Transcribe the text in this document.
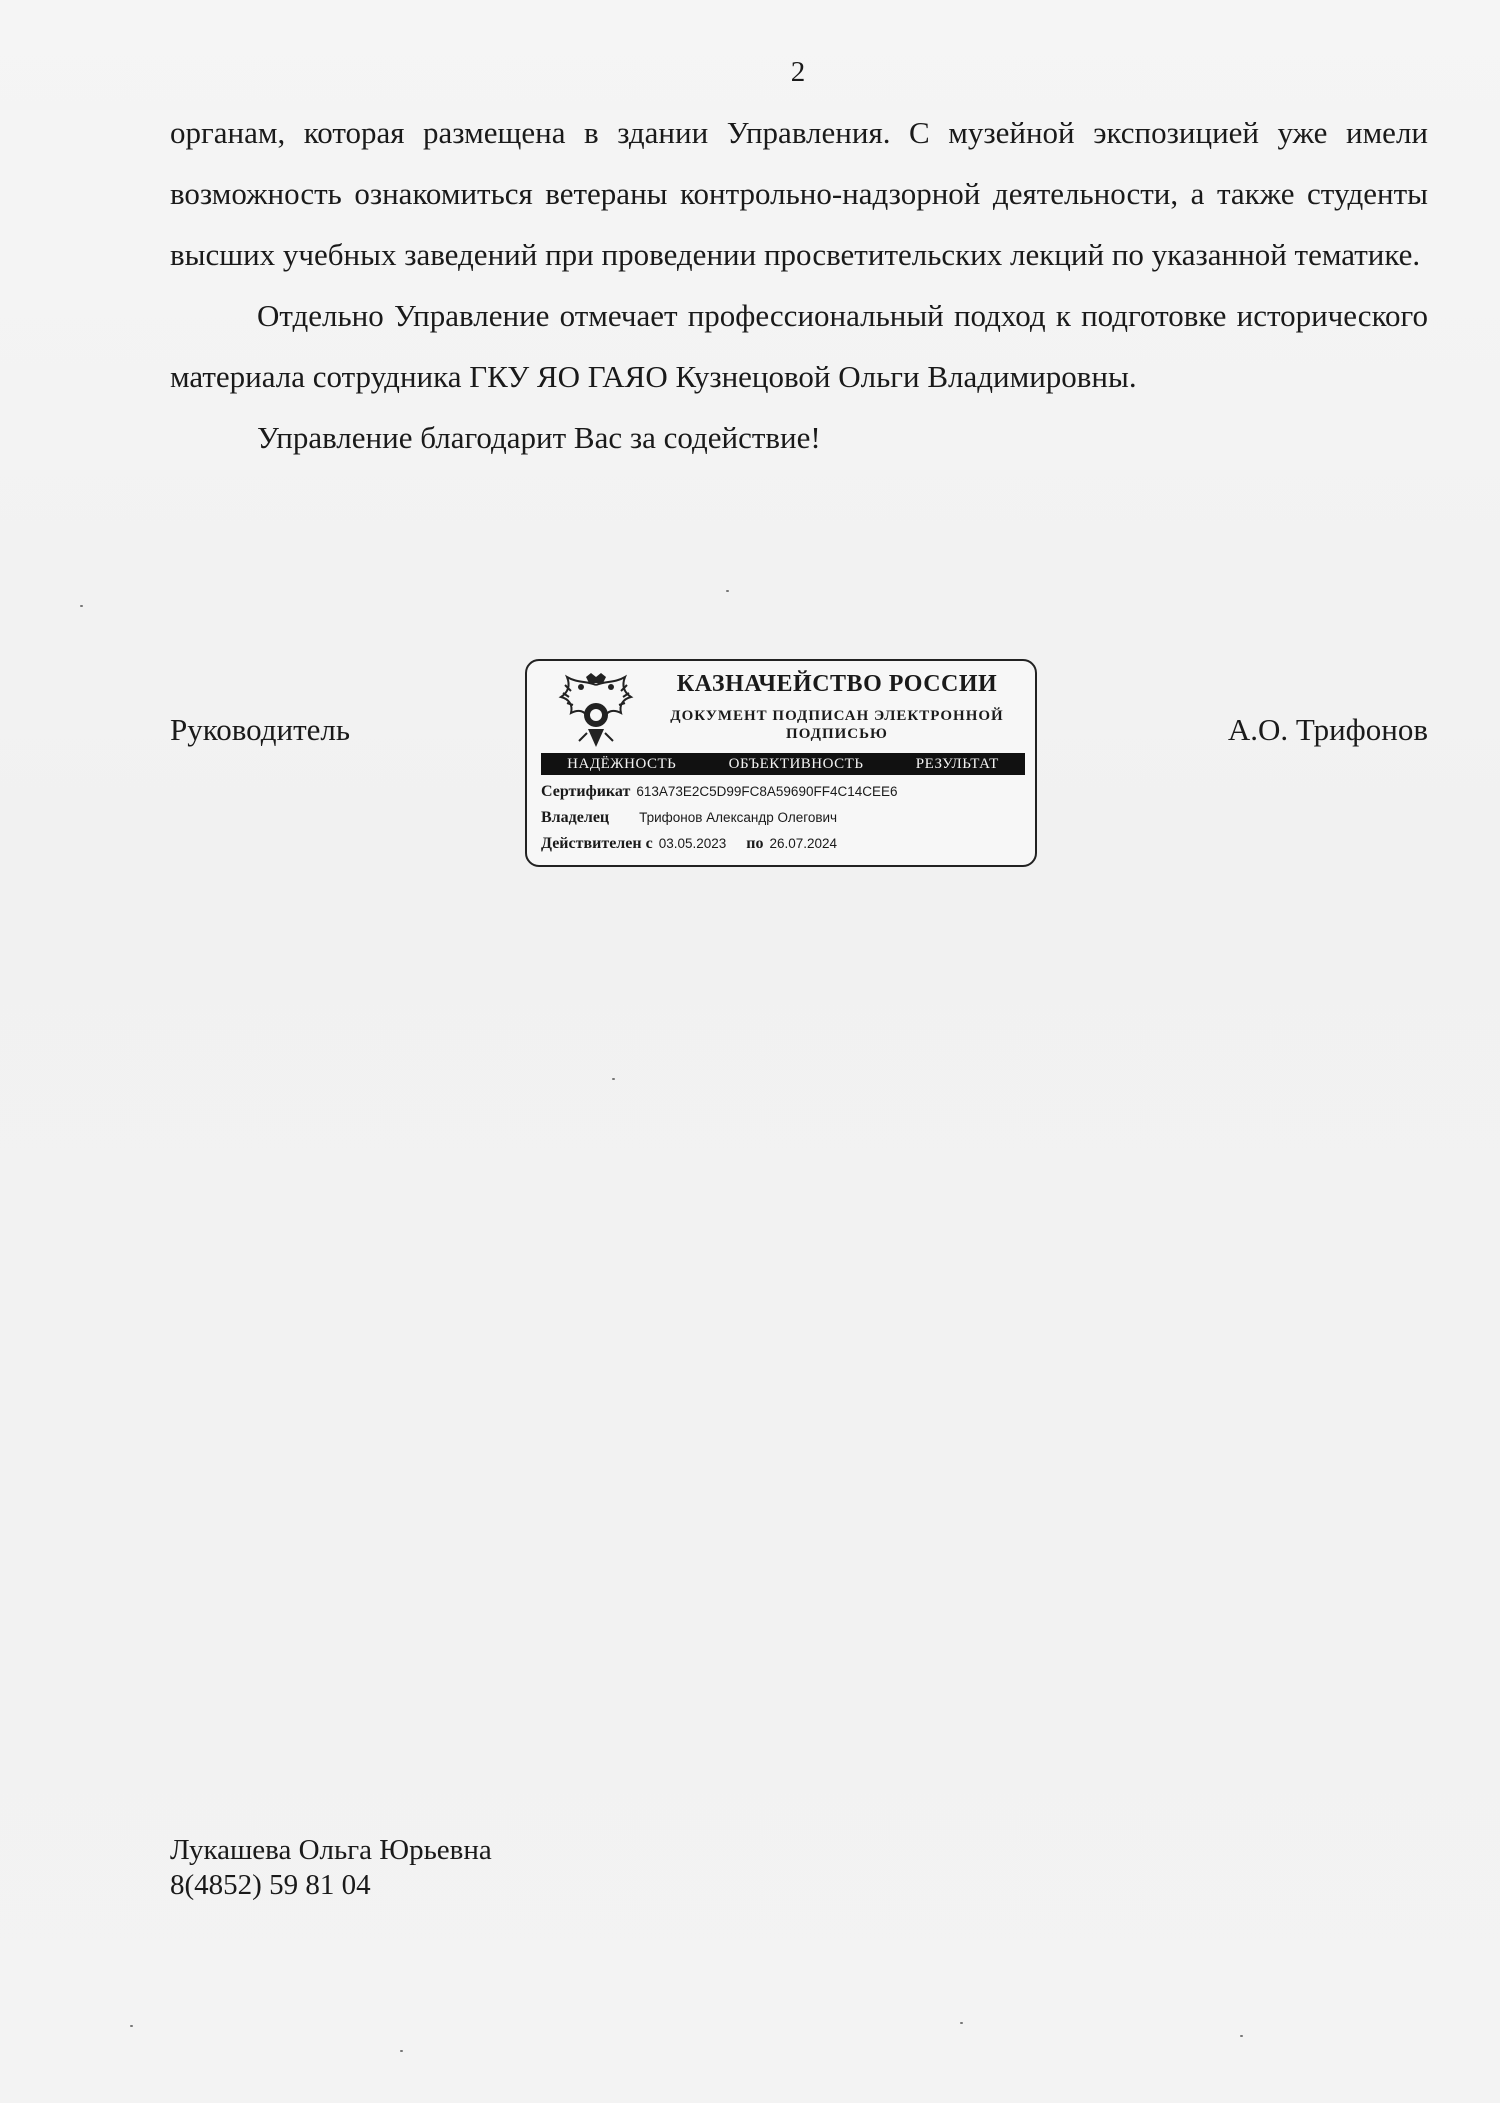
2

органам, которая размещена в здании Управления. С музейной экспозицией уже имели возможность ознакомиться ветераны контрольно-надзорной деятельности, а также студенты высших учебных заведений при проведении просветительских лекций по указанной тематике.

Отдельно Управление отмечает профессиональный подход к подготовке исторического материала сотрудника ГКУ ЯО ГАЯО Кузнецовой Ольги Владимировны.

Управление благодарит Вас за содействие!

Руководитель	А.О. Трифонов
КАЗНАЧЕЙСТВО РОССИИ
ДОКУМЕНТ ПОДПИСАН ЭЛЕКТРОННОЙ ПОДПИСЬЮ
НАДЁЖНОСТЬ	ОБЪЕКТИВНОСТЬ	РЕЗУЛЬТАТ
Сертификат 613A73E2C5D99FC8A59690FF4C14CEE6
Владелец Трифонов Александр Олегович
Действителен с 03.05.2023 по 26.07.2024
Лукашева Ольга Юрьевна
8(4852) 59 81 04
